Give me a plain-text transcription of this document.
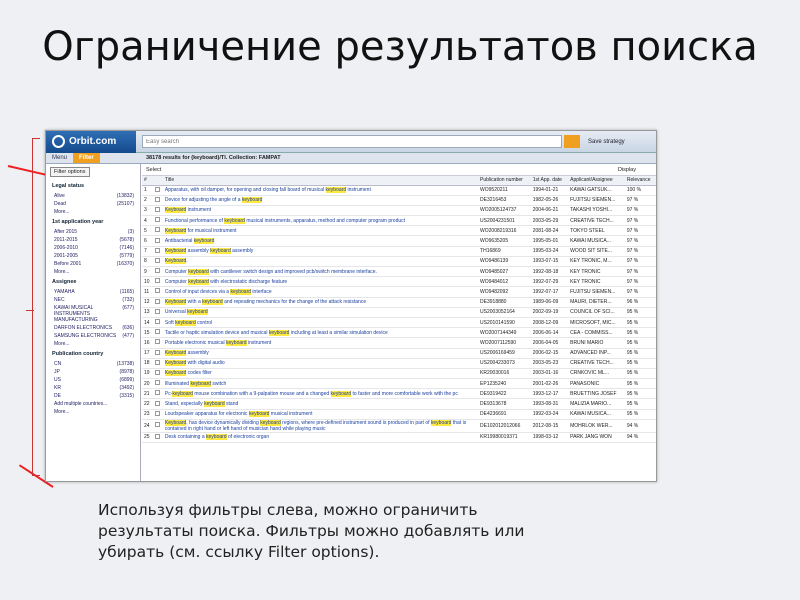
Ограничение результатов поиска
Orbit.com
Easy search	Save strategy
Menu	Filter
Filter options
Legal status
Alive	(13832)
Dead	(25107)
More...
1st application year
After 2015	(3)
2011-2015	(5678)
2006-2010	(7146)
2001-2005	(5779)
Before 2001	(16370)
More...
Assignee
YAMAHA	(1165)
NEC	(732)
KAWAI MUSICAL INSTRUMENTS MANUFACTURING
(677)
DARFON ELECTRONICS (636)
SAMSUNG ELECTRONICS (477)
More...
Publication country
CN	(13738)
JP	(8978)
US	(6899)
KR	(3492)
DE	(3315)
Add multiple countries...
More...
38178 results for (keyboard)/TI. Collection: FAMPAT
Select	Display
#		Title	Publication number	1st App. date	Applicant/Assignee	Relevance
1		Apparatus, with oil damper, for opening and closing fall board of musical keyboard instrument	WO9520211	1994-01-21	KAWAI GATSUK...	100 %
2		Device for adjusting the angle of a keyboard	DE3216453	1982-05-26	FUJITSU SIEMEN...	97 %
3		Keyboard instrument	WO2005124737	2004-06-21	TAKASHI YOSHI...	97 %
4		Functional performance of keyboard musical instruments, apparatus, method and computer program product	US2004231501	2003-05-29	CREATIVE TECH...	97 %
5		Keyboard for musical instrument	WO2008219316	2081-08-24	TOKYO STEEL	97 %
6		Antibacterial keyboard	WO9635205	1995-05-01	KAWAI MUSICA...	97 %
7		Keyboard assembly keyboard assembly	TH16869	1995-03-24	WOOD SIT SITE...	97 %
8		Keyboard.	WO9486139	1993-07-15	KEY TRONIC, M...	97 %
9		Computer keyboard with cantilever switch design and improved pcb/switch membrane interface.	WO9485027	1992-08-18	KEY TRONIC	97 %
10		Computer keyboard with electrostatic discharge feature	WO9484012	1992-07-29	KEY TRONIC	97 %
11		Control of input devices via a keyboard interface	WO9482092	1992-07-17	FUJITSU SIEMEN...	97 %
12		Keyboard with a keyboard and repeating mechanics for the change of the attack resistance	DE3918880	1989-06-09	MAURI, DIETER...	96 %
13		Universal keyboard	US2003052164	2002-09-19	COUNCIL OF SCI...	95 %
14		Soft keyboard control	US2010141590	2008-12-09	MICROSOFT, MIC...	95 %
15		Tactile or haptic simulation device and musical keyboard including at least a similar simulation device	WO2007144349	2006-06-14	CEA - COMMISS...	95 %
16		Portable electronic musical keyboard instrument	WO2007112590	2006-04-05	BRUNI MARIO	95 %
17		Keyboard assembly	US2006169459	2006-02-15	ADVANCED INP...	95 %
18		Keyboard with digital audio	US2004233073	2003-05-23	CREATIVE TECH...	95 %
19		Keyboard codes filter	KR20030016	2003-01-16	CRNKOVIC ML...	95 %
20		Illuminated keyboard switch	EP1235240	2001-02-26	PANASONIC	95 %
21		Pc-keyboard mouse combination with a 9-palpation mouse and a changed keyboard to faster and more comfortable work with the pc	DE9319422	1993-12-17	BRUETTING JOSEF	95 %
22		Stand, especially keyboard stand	DE9313678	1993-08-31	MALIZIA MARIO...	95 %
23		Loudspeaker apparatus for electronic keyboard musical instrument	DE4236691	1992-03-24	KAWAI MUSICA...	95 %
24		Keyboard, has device dynamically dividing keyboard regions, where pre-defined instrument sound is produced in part of keyboard that is contained in right hand or left hand of musician hand while playing music	DE102012012066	2012-08-15	MOHRLOK WER...	94 %
25		Desk containing a keyboard of electronic organ	KR19980019371	1998-03-12	PARK JANG WON	94 %
Используя фильтры слева, можно ограничить результаты поиска. Фильтры можно добавлять или убирать (см. ссылку Filter options).
